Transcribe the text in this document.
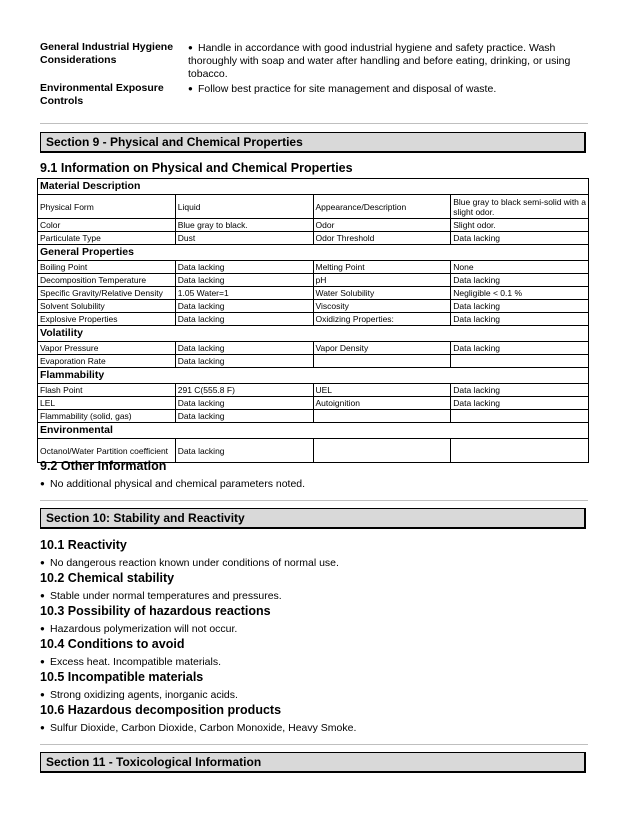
General Industrial Hygiene Considerations
● Handle in accordance with good industrial hygiene and safety practice. Wash thoroughly with soap and water after handling and before eating, drinking, or using tobacco.
Environmental Exposure Controls
● Follow best practice for site management and disposal of waste.
Section 9 - Physical and Chemical Properties
9.1 Information on Physical and Chemical Properties
Material Description			
Physical Form	Liquid	Appearance/Description	Blue gray to black semi-solid with a slight odor.
Color	Blue gray to black.	Odor	Slight odor.
Particulate Type	Dust	Odor Threshold	Data lacking
General Properties			
Boiling Point	Data lacking	Melting Point	None
Decomposition Temperature	Data lacking	pH	Data lacking
Specific Gravity/Relative Density	1.05 Water=1	Water Solubility	Negligible < 0.1 %
Solvent Solubility	Data lacking	Viscosity	Data lacking
Explosive Properties	Data lacking	Oxidizing Properties:	Data lacking
Volatility			
Vapor Pressure	Data lacking	Vapor Density	Data lacking
Evaporation Rate	Data lacking		
Flammability			
Flash Point	291 C(555.8 F)	UEL	Data lacking
LEL	Data lacking	Autoignition	Data lacking
Flammability (solid, gas)	Data lacking		
Environmental			
Octanol/Water Partition coefficient	Data lacking		
9.2 Other Information
● No additional physical and chemical parameters noted.
Section 10: Stability and Reactivity
10.1 Reactivity
● No dangerous reaction known under conditions of normal use.
10.2 Chemical stability
● Stable under normal temperatures and pressures.
10.3 Possibility of hazardous reactions
● Hazardous polymerization will not occur.
10.4 Conditions to avoid
● Excess heat. Incompatible materials.
10.5 Incompatible materials
● Strong oxidizing agents, inorganic acids.
10.6 Hazardous decomposition products
● Sulfur Dioxide, Carbon Dioxide, Carbon Monoxide, Heavy Smoke.
Section 11 - Toxicological Information
